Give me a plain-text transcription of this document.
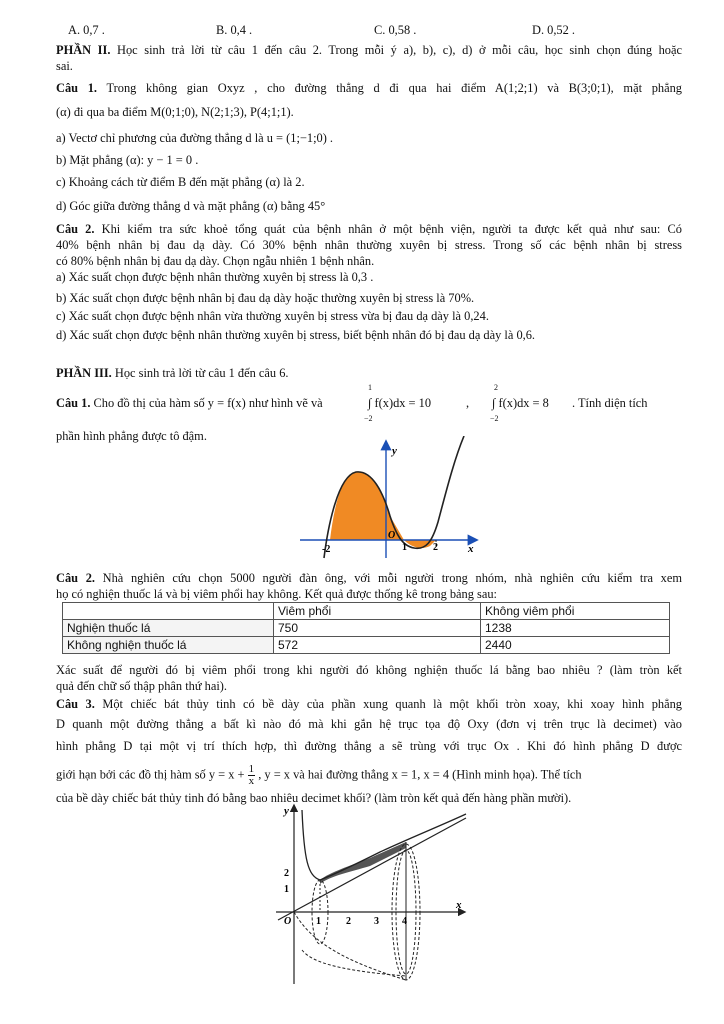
A. 0,7 .	B. 0,4 .	C. 0,58 .	D. 0,52 .
PHẦN II. Học sinh trả lời từ câu 1 đến câu 2. Trong mỗi ý a), b), c), d) ở mỗi câu, học sinh chọn đúng hoặc
sai.
Câu 1. Trong không gian Oxyz , cho đường thẳng d đi qua hai điểm A(1;2;1) và B(3;0;1), mặt phẳng
(α) đi qua ba điểm M(0;1;0), N(2;1;3), P(4;1;1).
a) Vectơ chỉ phương của đường thẳng d là u = (1;−1;0) .
b) Mặt phẳng (α): y − 1 = 0 .
c) Khoảng cách từ điểm B đến mặt phẳng (α) là 2.
d) Góc giữa đường thẳng d và mặt phẳng (α) bằng 45°
Câu 2. Khi kiểm tra sức khoẻ tổng quát của bệnh nhân ở một bệnh viện, người ta được kết quả như sau: Có
40% bệnh nhân bị đau dạ dày. Có 30% bệnh nhân thường xuyên bị stress. Trong số các bệnh nhân bị stress
có 80% bệnh nhân bị đau dạ dày. Chọn ngẫu nhiên 1 bệnh nhân.
a) Xác suất chọn được bệnh nhân thường xuyên bị stress là 0,3 .
b) Xác suất chọn được bệnh nhân bị đau dạ dày hoặc thường xuyên bị stress là 70%.
c) Xác suất chọn được bệnh nhân vừa thường xuyên bị stress vừa bị đau dạ dày là 0,24.
d) Xác suất chọn được bệnh nhân thường xuyên bị stress, biết bệnh nhân đó bị đau dạ dày là 0,6.
PHẦN III. Học sinh trả lời từ câu 1 đến câu 6.
Câu 1. Cho đồ thị của hàm số y = f(x) như hình vẽ và
1
−2
∫ f(x)dx = 10	,
2
−2
∫ f(x)dx = 8 . Tính diện tích
phần hình phẳng được tô đậm.
y
x
O
-2	1	2
Câu 2. Nhà nghiên cứu chọn 5000 người đàn ông, với mỗi người trong nhóm, nhà nghiên cứu kiểm tra xem
họ có nghiện thuốc lá và bị viêm phổi hay không. Kết quả được thống kê trong bảng sau:
	Viêm phổi	Không viêm phổi
Nghiện thuốc lá	750	1238
Không nghiện thuốc lá	572	2440
Xác suất để người đó bị viêm phổi trong khi người đó không nghiện thuốc lá bằng bao nhiêu ? (làm tròn kết
quả đến chữ số thập phân thứ hai).
Câu 3. Một chiếc bát thủy tinh có bề dày của phần xung quanh là một khối tròn xoay, khi xoay hình phẳng
D quanh một đường thẳng a bất kì nào đó mà khi gắn hệ trục tọa độ Oxy (đơn vị trên trục là decimet) vào
hình phẳng D tại một vị trí thích hợp, thì đường thẳng a sẽ trùng với trục Ox . Khi đó hình phẳng D được
giới hạn bởi các đồ thị hàm số $y = x + \frac{1}{x}$ , y = x và hai đường thẳng x = 1, x = 4 (Hình minh họa). Thể tích
của bề dày chiếc bát thủy tinh đó bằng bao nhiêu decimet khối? (làm tròn kết quả đến hàng phần mười).
y
x
O 1	2 3 4
1
2
